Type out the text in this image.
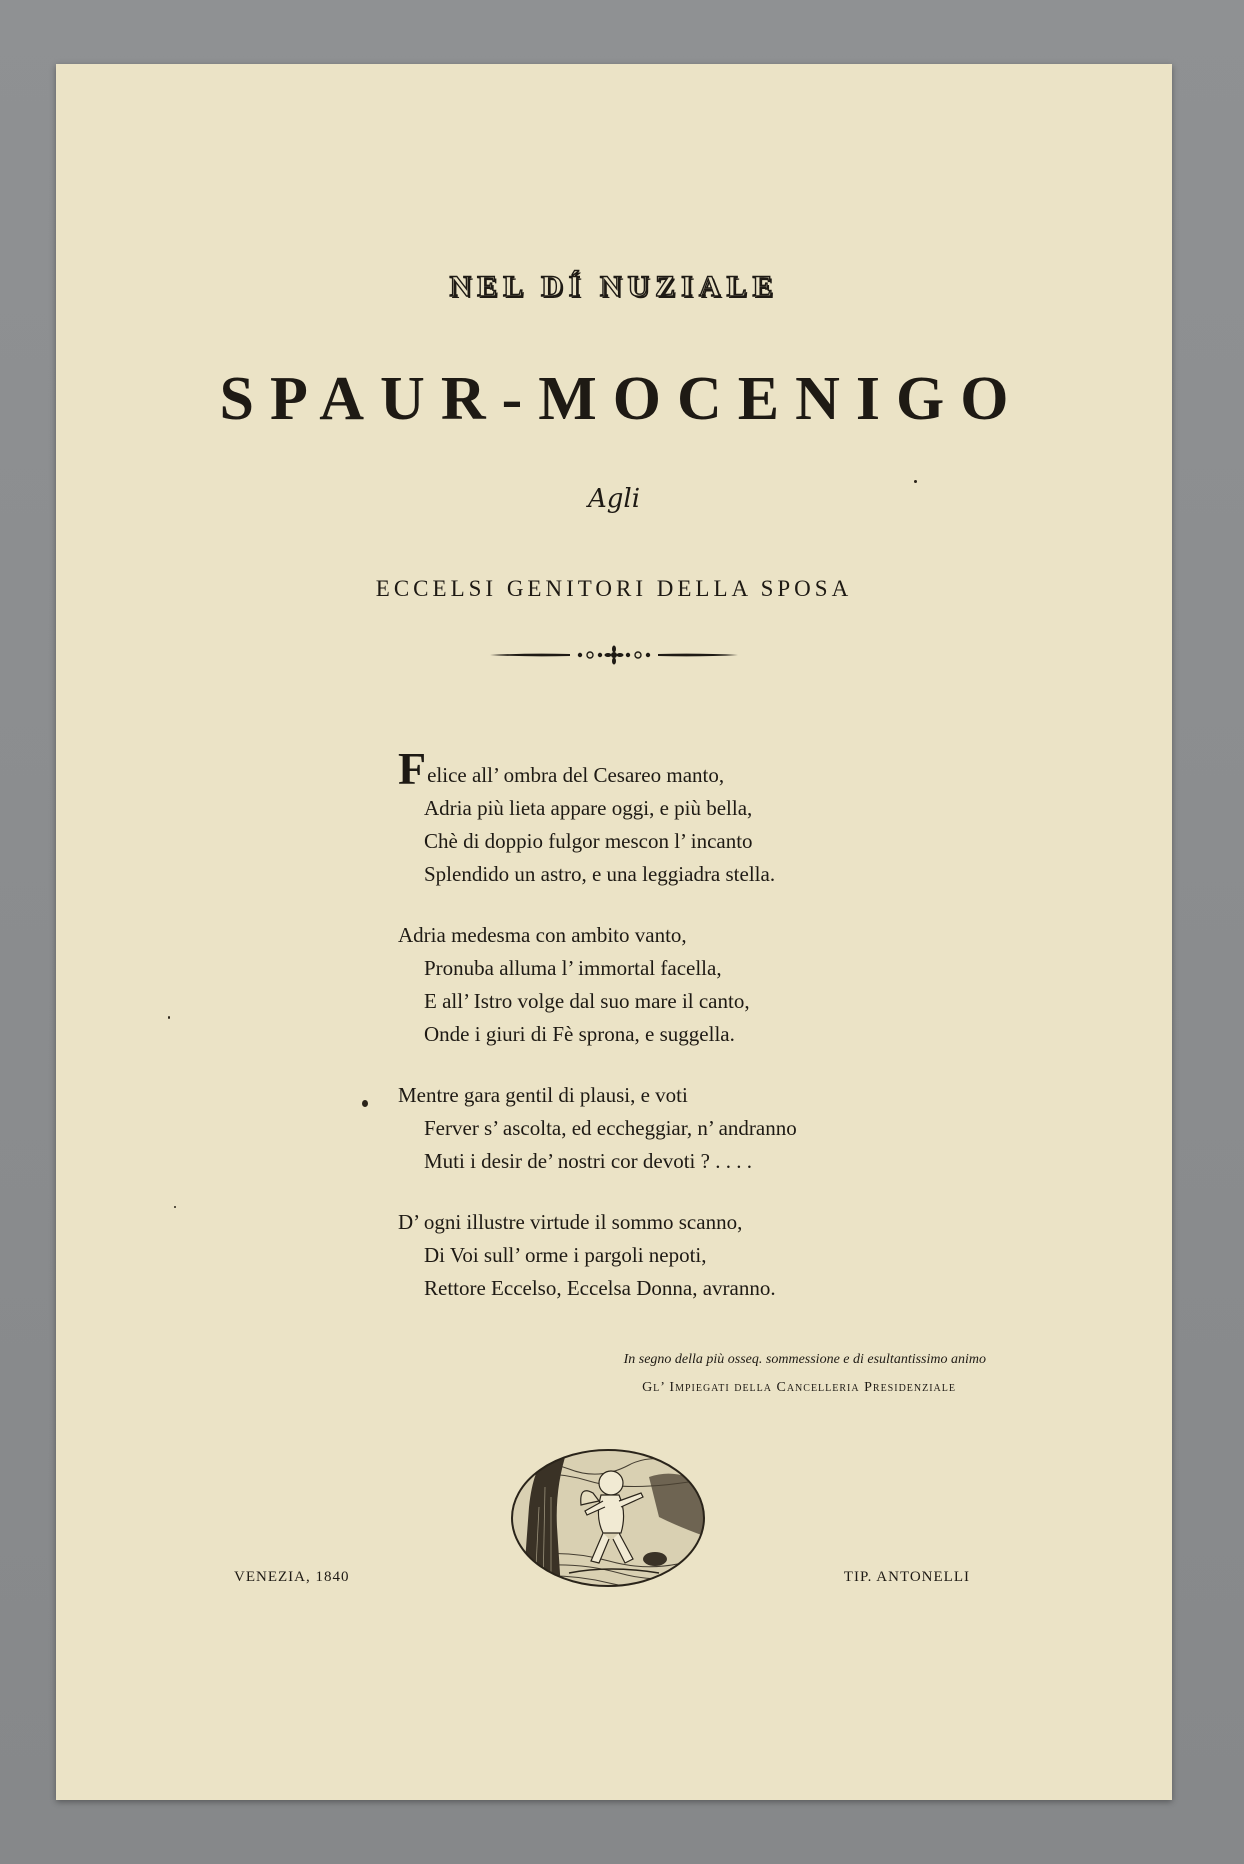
NEL DÍ NUZIALE
SPAUR-MOCENIGO
Agli
ECCELSI GENITORI DELLA SPOSA
Felice all’ ombra del Cesareo manto,
Adria più lieta appare oggi, e più bella,
Chè di doppio fulgor mescon l’ incanto
Splendido un astro, e una leggiadra stella.
Adria medesma con ambito vanto,
Pronuba alluma l’ immortal facella,
E all’ Istro volge dal suo mare il canto,
Onde i giuri di Fè sprona, e suggella.
Mentre gara gentil di plausi, e voti
Ferver s’ ascolta, ed eccheggiar, n’ andranno
Muti i desir de’ nostri cor devoti ? . . . .
D’ ogni illustre virtude il sommo scanno,
Di Voi sull’ orme i pargoli nepoti,
Rettore Eccelso, Eccelsa Donna, avranno.
In segno della più osseq. sommessione e di esultantissimo animo
Gl’ Impiegati della Cancelleria Presidenziale
VENEZIA, 1840	TIP. ANTONELLI
